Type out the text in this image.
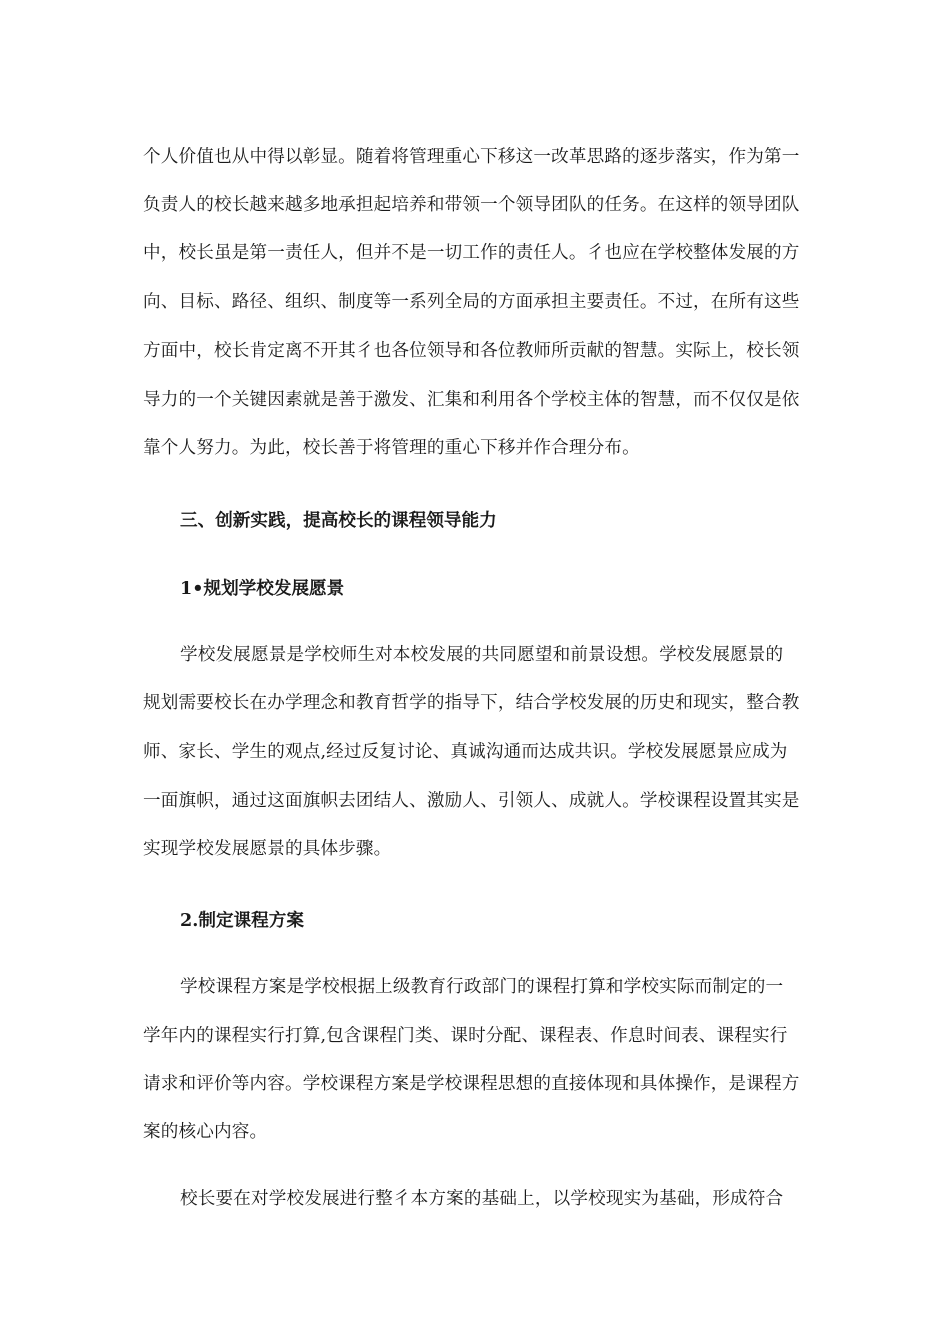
个人价值也从中得以彰显。随着将管理重心下移这一改革思路的逐步落实，作为第一
负责人的校长越来越多地承担起培养和带领一个领导团队的任务。在这样的领导团队
中，校长虽是第一责任人，但并不是一切工作的责任人。彳也应在学校整体发展的方
向、目标、路径、组织、制度等一系列全局的方面承担主要责任。不过，在所有这些
方面中，校长肯定离不开其彳也各位领导和各位教师所贡献的智慧。实际上，校长领
导力的一个关键因素就是善于激发、汇集和利用各个学校主体的智慧，而不仅仅是依
靠个人努力。为此，校长善于将管理的重心下移并作合理分布。
三、创新实践，提高校长的课程领导能力
1•规划学校发展愿景
学校发展愿景是学校师生对本校发展的共同愿望和前景设想。学校发展愿景的
规划需要校长在办学理念和教育哲学的指导下，结合学校发展的历史和现实，整合教
师、家长、学生的观点,经过反复讨论、真诚沟通而达成共识。学校发展愿景应成为
一面旗帜，通过这面旗帜去团结人、激励人、引领人、成就人。学校课程设置其实是
实现学校发展愿景的具体步骤。
2.制定课程方案
学校课程方案是学校根据上级教育行政部门的课程打算和学校实际而制定的一
学年内的课程实行打算,包含课程门类、课时分配、课程表、作息时间表、课程实行
请求和评价等内容。学校课程方案是学校课程思想的直接体现和具体操作，是课程方
案的核心内容。
校长要在对学校发展进行整彳本方案的基础上，以学校现实为基础，形成符合
